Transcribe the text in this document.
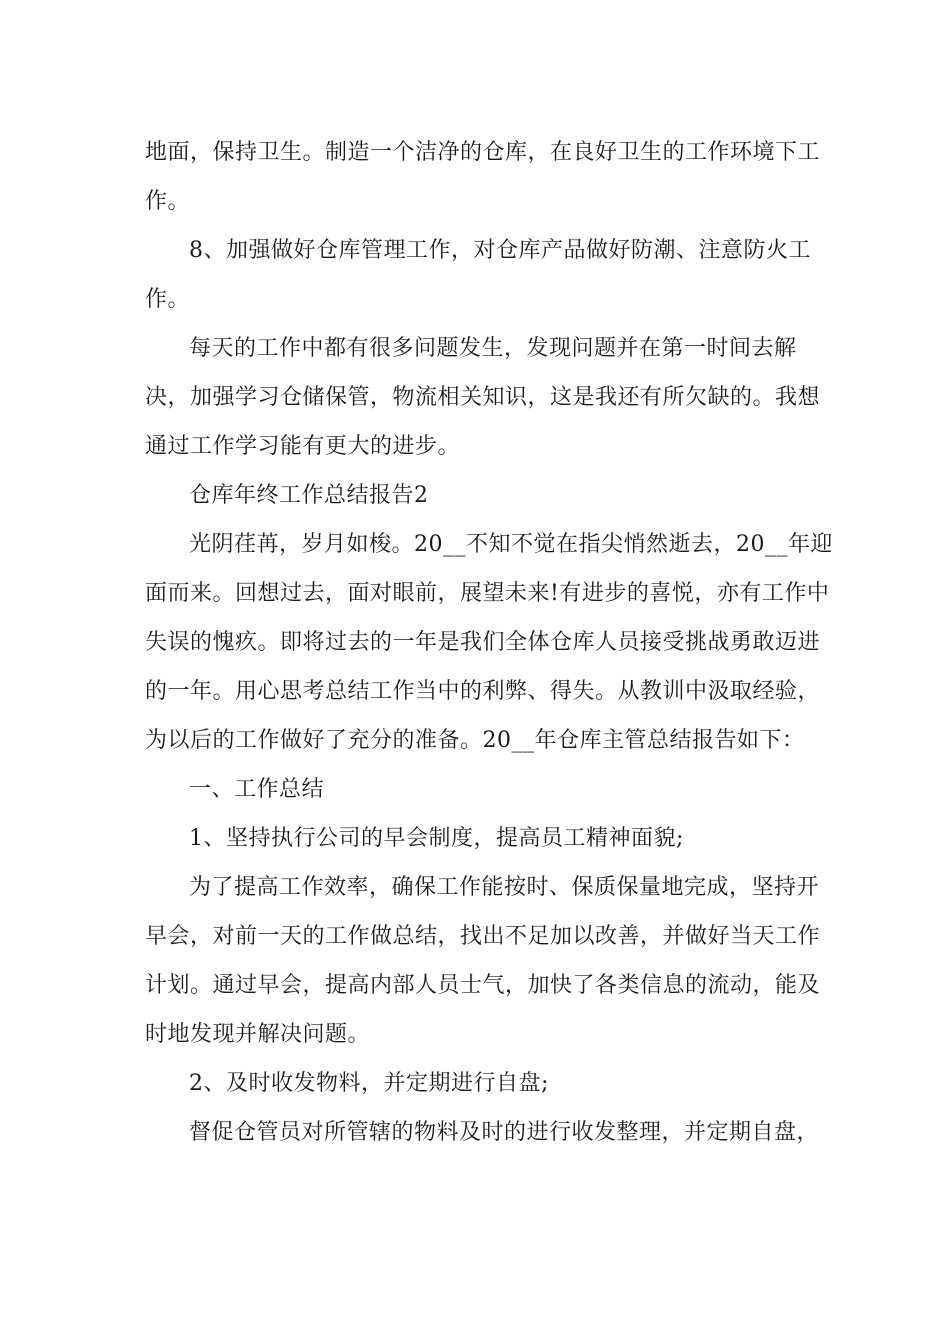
地面，保持卫生。制造一个洁净的仓库，在良好卫生的工作环境下工作。

8、加强做好仓库管理工作，对仓库产品做好防潮、注意防火工作。

每天的工作中都有很多问题发生，发现问题并在第一时间去解决，加强学习仓储保管，物流相关知识，这是我还有所欠缺的。我想通过工作学习能有更大的进步。

仓库年终工作总结报告2

光阴荏苒，岁月如梭。20__不知不觉在指尖悄然逝去，20__年迎面而来。回想过去，面对眼前，展望未来!有进步的喜悦，亦有工作中失误的愧疚。即将过去的一年是我们全体仓库人员接受挑战勇敢迈进的一年。用心思考总结工作当中的利弊、得失。从教训中汲取经验，为以后的工作做好了充分的准备。20__年仓库主管总结报告如下：

一、工作总结

1、坚持执行公司的早会制度，提高员工精神面貌;

为了提高工作效率，确保工作能按时、保质保量地完成，坚持开早会，对前一天的工作做总结，找出不足加以改善，并做好当天工作计划。通过早会，提高内部人员士气，加快了各类信息的流动，能及时地发现并解决问题。

2、及时收发物料，并定期进行自盘;

督促仓管员对所管辖的物料及时的进行收发整理，并定期自盘，
